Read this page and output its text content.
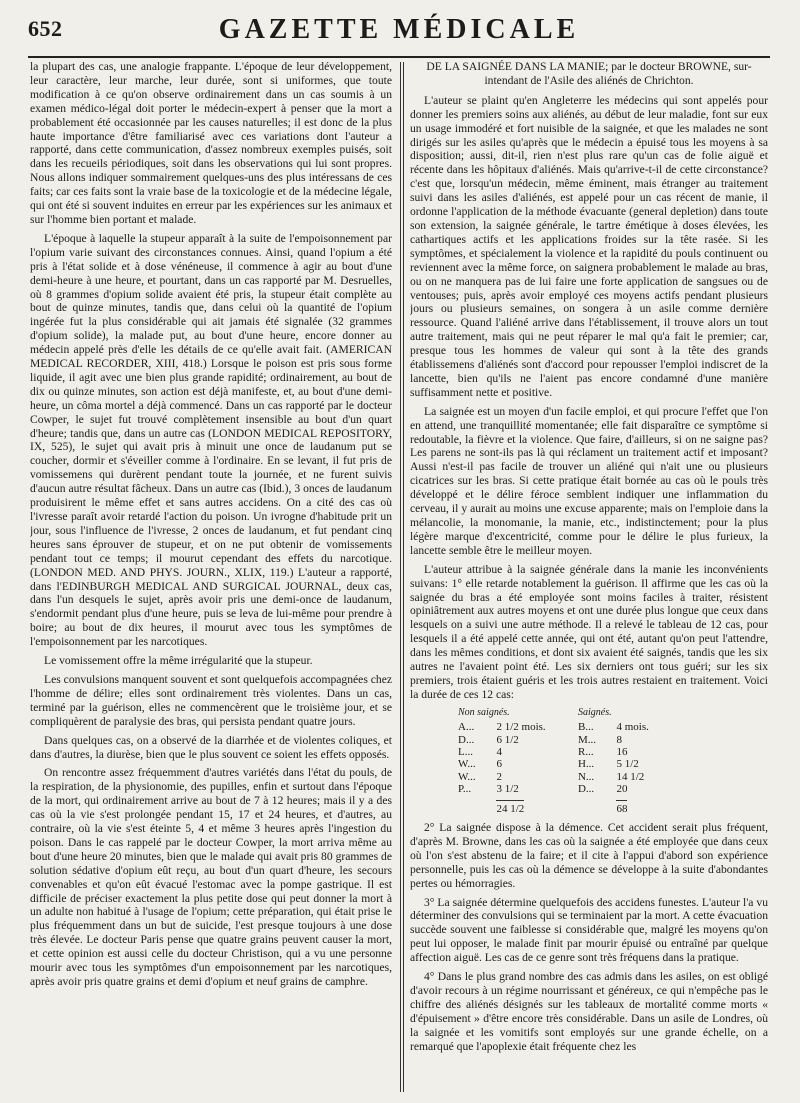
652	GAZETTE MÉDICALE

la plupart des cas, une analogie frappante. L'époque de leur développement, leur caractère, leur marche, leur durée, sont si uniformes, que toute modification à ce qu'on observe ordinairement dans un cas soumis à un examen médico-légal doit porter le médecin-expert à penser que la mort a probablement été occasionnée par les causes naturelles; il est donc de la plus haute importance d'être familiarisé avec ces variations dont l'auteur a rapporté, dans cette communication, d'assez nombreux exemples puisés, soit dans les recueils périodiques, soit dans les observations qui lui sont propres. Nous allons indiquer sommairement quelques-uns des plus intéressans de ces faits; car ces faits sont la vraie base de la toxicologie et de la médecine légale, qui ont été si souvent induites en erreur par les expériences sur les animaux et sur l'homme bien portant et malade.

L'époque à laquelle la stupeur apparaît à la suite de l'empoisonnement par l'opium varie suivant des circonstances connues. Ainsi, quand l'opium a été pris à l'état solide et à dose vénéneuse, il commence à agir au bout d'une demi-heure à une heure, et pourtant, dans un cas rapporté par M. Desruelles, où 8 grammes d'opium solide avaient été pris, la stupeur était complète au bout de quinze minutes, tandis que, dans celui où la quantité de l'opium ingérée fut la plus considérable qui ait jamais été signalée (32 grammes d'opium solide), la malade put, au bout d'une heure, encore donner au médecin appelé près d'elle les détails de ce qu'elle avait fait. (AMERICAN MEDICAL RECORDER, XIII, 418.) Lorsque le poison est pris sous forme liquide, il agit avec une bien plus grande rapidité; ordinairement, au bout de dix ou quinze minutes, son action est déjà manifeste, et, au bout d'une demi-heure, un côma mortel a déjà commencé. Dans un cas rapporté par le docteur Cowper, le sujet fut trouvé complètement insensible au bout d'un quart d'heure; tandis que, dans un autre cas (LONDON MEDICAL REPOSITORY, IX, 525), le sujet qui avait pris à minuit une once de laudanum put se coucher, dormir et s'éveiller comme à l'ordinaire. En se levant, il fut pris de vomissemens qui durèrent pendant toute la journée, et ne furent suivis d'aucun autre résultat fâcheux. Dans un autre cas (Ibid.), 3 onces de laudanum produisirent le même effet et sans autres accidens. On a cité des cas où l'ivresse paraît avoir retardé l'action du poison. Un ivrogne d'habitude prit un jour, sous l'influence de l'ivresse, 2 onces de laudanum, et fut pendant cinq heures sans éprouver de stupeur, et on ne put obtenir de vomissements pendant tout ce temps; il mourut cependant des effets du narcotique. (LONDON MED. AND PHYS. JOURN., XLIX, 119.) L'auteur a rapporté, dans l'EDINBURGH MEDICAL AND SURGICAL JOURNAL, deux cas, dans l'un desquels le sujet, après avoir pris une demi-once de laudanum, s'endormit pendant plus d'une heure, puis se leva de lui-même pour prendre à boire; au bout de dix heures, il mourut avec tous les symptômes de l'empoisonnement par les narcotiques.

Le vomissement offre la même irrégularité que la stupeur.

Les convulsions manquent souvent et sont quelquefois accompagnées chez l'homme de délire; elles sont ordinairement très violentes. Dans un cas, terminé par la guérison, elles ne commencèrent que le troisième jour, et se compliquèrent de paralysie des bras, qui persista pendant quatre jours.

Dans quelques cas, on a observé de la diarrhée et de violentes coliques, et dans d'autres, la diurèse, bien que le plus souvent ce soient les effets opposés.

On rencontre assez fréquemment d'autres variétés dans l'état du pouls, de la respiration, de la physionomie, des pupilles, enfin et surtout dans l'époque de la mort, qui ordinairement arrive au bout de 7 à 12 heures; mais il y a des cas où la vie s'est prolongée pendant 15, 17 et 24 heures, et d'autres, au contraire, où la vie s'est éteinte 5, 4 et même 3 heures après l'ingestion du poison. Dans le cas rappelé par le docteur Cowper, la mort arriva même au bout d'une heure 20 minutes, bien que le malade qui avait pris 80 grammes de solution sédative d'opium eût reçu, au bout d'un quart d'heure, les secours convenables et qu'on eût évacué l'estomac avec la pompe gastrique. Il est difficile de préciser exactement la plus petite dose qui peut donner la mort à un adulte non habitué à l'usage de l'opium; cette préparation, qui était prise le plus fréquemment dans un but de suicide, l'est presque toujours à une dose très élevée. Le docteur Paris pense que quatre grains peuvent causer la mort, et cette opinion est aussi celle du docteur Christison, qui a vu une personne mourir avec tous les symptômes d'un empoisonnement par les narcotiques, après avoir pris quatre grains et demi d'opium et neuf grains de camphre.

DE LA SAIGNÉE DANS LA MANIE; par le docteur BROWNE, sur-intendant de l'Asile des aliénés de Chrichton.

L'auteur se plaint qu'en Angleterre les médecins qui sont appelés pour donner les premiers soins aux aliénés, au début de leur maladie, font sur eux un usage immodéré et fort nuisible de la saignée, et que les malades ne sont dirigés sur les asiles qu'après que le médecin a épuisé tous les moyens à sa disposition; aussi, dit-il, rien n'est plus rare qu'un cas de folie aiguë et récente dans les hôpitaux d'aliénés. Mais qu'arrive-t-il de cette circonstance? c'est que, lorsqu'un médecin, même éminent, mais étranger au traitement suivi dans les asiles d'aliénés, est appelé pour un cas récent de manie, il ordonne l'application de la méthode évacuante (general depletion) dans toute son extension, la saignée générale, le tartre émétique à doses élevées, les cathartiques actifs et les applications froides sur la tête rasée. Si les symptômes, et spécialement la violence et la rapidité du pouls continuent ou reviennent avec la même force, on saignera probablement le malade au bras, ou on ne manquera pas de lui faire une forte application de sangsues ou de ventouses; puis, après avoir employé ces moyens actifs pendant plusieurs jours ou plusieurs semaines, on songera à un asile comme dernière ressource. Quand l'aliéné arrive dans l'établissement, il trouve alors un tout autre traitement, mais qui ne peut réparer le mal qu'a fait le premier; car, presque tous les hommes de valeur qui sont à la tête des grands établissemens d'aliénés sont d'accord pour repousser l'emploi indiscret de la lancette, bien qu'ils ne l'aient pas encore condamné d'une manière suffisamment nette et positive.

La saignée est un moyen d'un facile emploi, et qui procure l'effet que l'on en attend, une tranquillité momentanée; elle fait disparaître ce symptôme si redoutable, la fièvre et la violence. Que faire, d'ailleurs, si on ne saigne pas? Les parens ne sont-ils pas là qui réclament un traitement actif et imposant? Aussi n'est-il pas facile de trouver un aliéné qui n'ait une ou plusieurs cicatrices sur les bras. Si cette pratique était bornée au cas où le pouls très développé et le délire féroce semblent indiquer une inflammation du cerveau, il y aurait au moins une excuse apparente; mais on l'emploie dans la mélancolie, la monomanie, la manie, etc., indistinctement; pour la plus légère marque d'excentricité, comme pour le délire le plus furieux, la lancette semble être le meilleur moyen.

L'auteur attribue à la saignée générale dans la manie les inconvénients suivans: 1° elle retarde notablement la guérison. Il affirme que les cas où la saignée du bras a été employée sont moins faciles à traiter, résistent opiniâtrement aux autres moyens et ont une durée plus longue que ceux dans lesquels on a suivi une autre méthode. Il a relevé le tableau de 12 cas, pour lesquels il a été appelé cette année, qui ont été, autant qu'on peut l'attendre, dans les mêmes conditions, et dont six avaient été saignés, tandis que les six autres ne l'avaient point été. Les six derniers ont tous guéri; sur les six premiers, trois étaient guéris et les trois autres restaient en traitement. Voici la durée de ces 12 cas:

Non saignés.		Saignés.	
A...	2 1/2 mois.	B...	4 mois.
D...	6 1/2	M...	8
L...	4	R...	16
W...	6	H...	5 1/2
W...	2	N...	14 1/2
P...	3 1/2	D...	20
	24 1/2		68

2° La saignée dispose à la démence. Cet accident serait plus fréquent, d'après M. Browne, dans les cas où la saignée a été employée que dans ceux où l'on s'est abstenu de la faire; et il cite à l'appui d'abord son expérience personnelle, puis les cas où la démence se développe à la suite d'abondantes pertes ou hémorragies.

3° La saignée détermine quelquefois des accidens funestes. L'auteur l'a vu déterminer des convulsions qui se terminaient par la mort. A cette évacuation succède souvent une faiblesse si considérable que, malgré les moyens qu'on peut lui opposer, le malade finit par mourir épuisé ou entraîné par quelque affection aiguë. Les cas de ce genre sont très fréquens dans la pratique.

4° Dans le plus grand nombre des cas admis dans les asiles, on est obligé d'avoir recours à un régime nourrissant et généreux, ce qui n'empêche pas le chiffre des aliénés désignés sur les tableaux de mortalité comme morts « d'épuisement » d'être encore très considérable. Dans un asile de Londres, où la saignée et les vomitifs sont employés sur une grande échelle, on a remarqué que l'apoplexie était fréquente chez les
